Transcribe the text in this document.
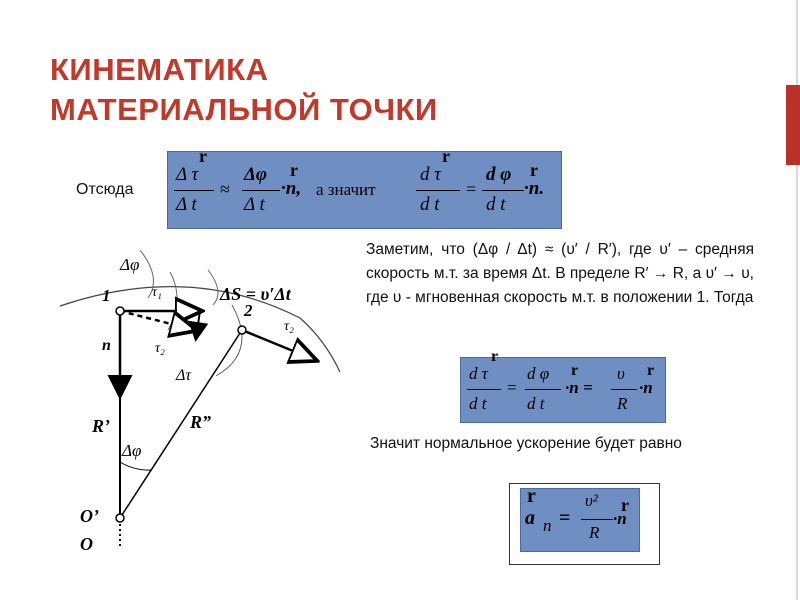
КИНЕМАТИКА
МАТЕРИАЛЬНОЙ ТОЧКИ
Отсюда
r
Δ τ
Δ t
≈
r
Δφ
Δ t
·n, а значит
r
d τ
d t
=
r
d φ
d t
·n.
Заметим, что (Δφ / Δt) ≈ (υ′ / R′), где υ′ – средняя скорость м.т. за время Δt. В пределе R′ → R, а υ′ → υ, где υ - мгновенная скорость м.т. в положении 1. Тогда
r
d τ
d t
=
r
d φ
d t
·n =
r
υ
R
·n
Значит нормальное ускорение будет равно
r
a n =
r
υ²
R
·n
Δφ
1	τ₁
τ₂
Δτ
ΔS = υ′Δt
2
τ₂
n
R’	R”
Δφ
O’
O
